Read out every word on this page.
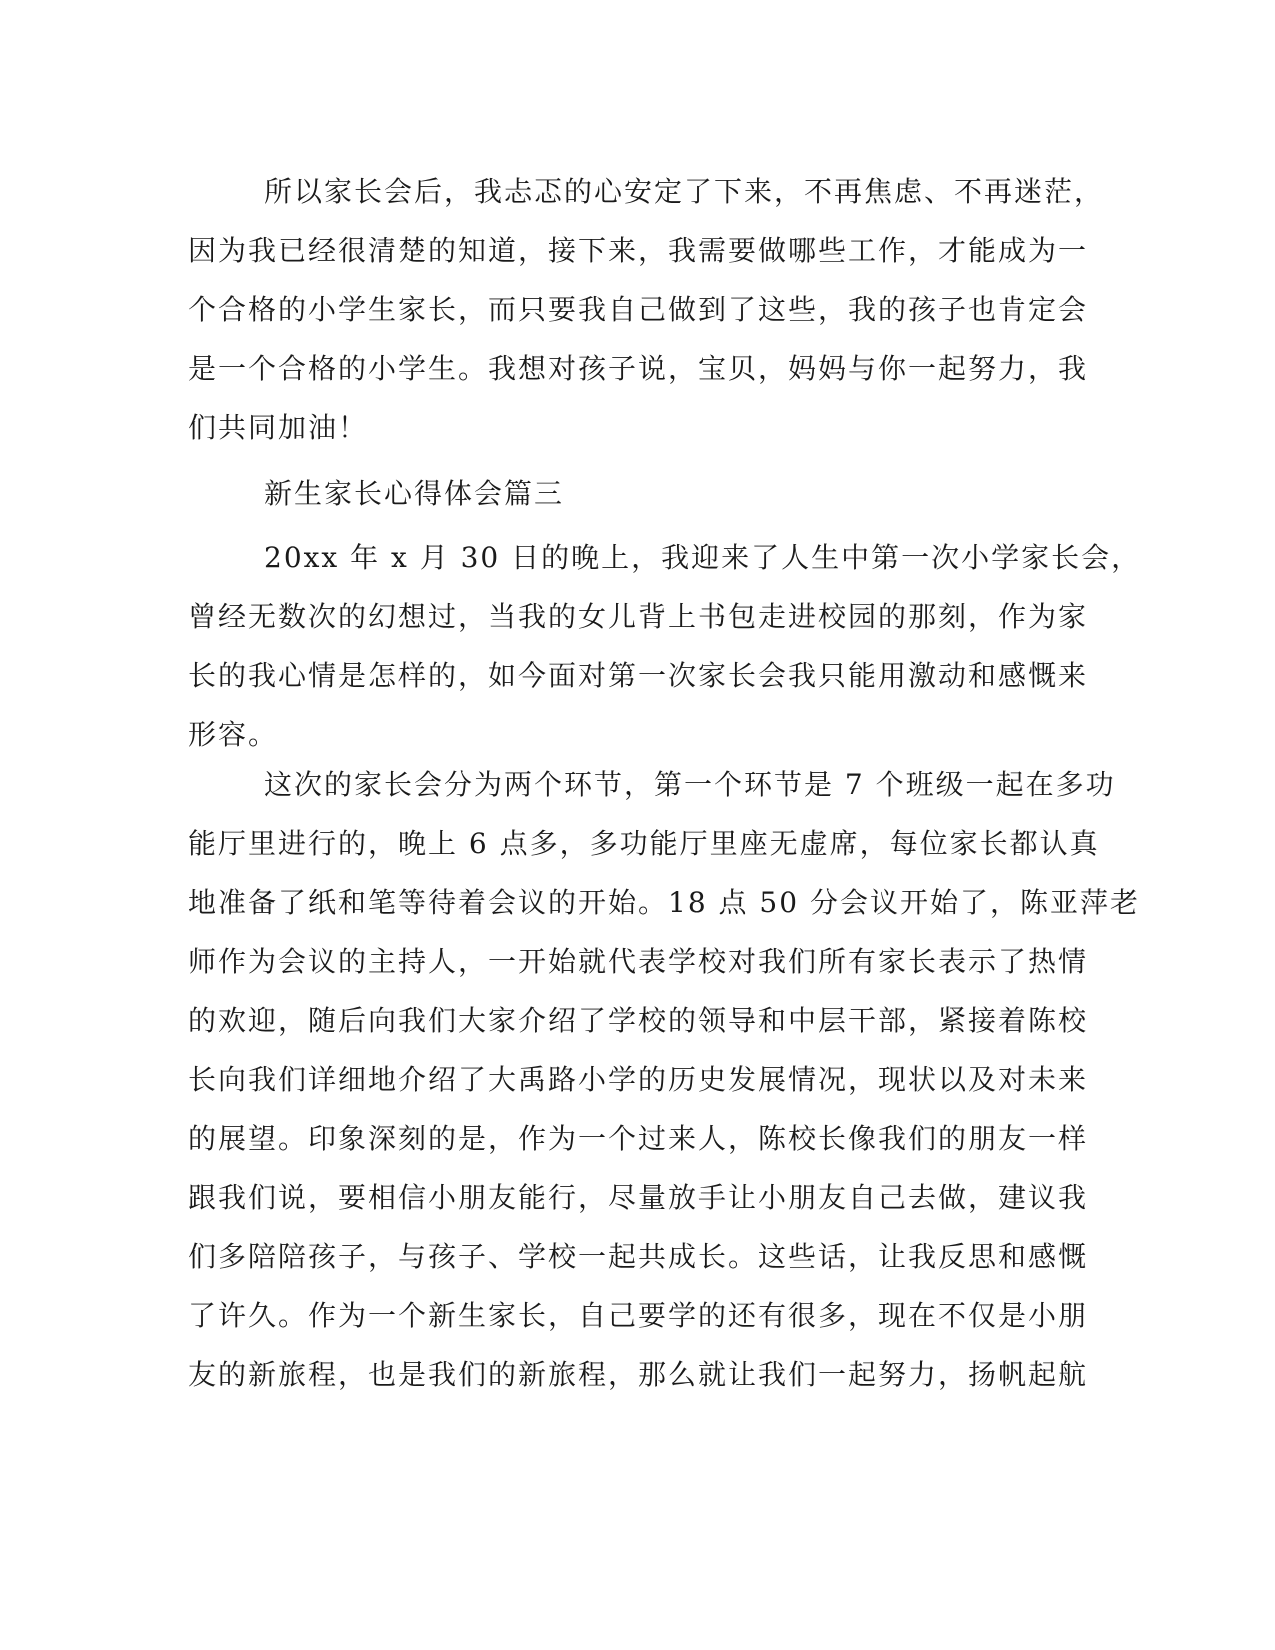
所以家长会后，我忐忑的心安定了下来，不再焦虑、不再迷茫，
因为我已经很清楚的知道，接下来，我需要做哪些工作，才能成为一
个合格的小学生家长，而只要我自己做到了这些，我的孩子也肯定会
是一个合格的小学生。我想对孩子说，宝贝，妈妈与你一起努力，我
们共同加油！
新生家长心得体会篇三
20xx 年 x 月 30 日的晚上，我迎来了人生中第一次小学家长会，
曾经无数次的幻想过，当我的女儿背上书包走进校园的那刻，作为家
长的我心情是怎样的，如今面对第一次家长会我只能用激动和感慨来
形容。
这次的家长会分为两个环节，第一个环节是 7 个班级一起在多功
能厅里进行的，晚上 6 点多，多功能厅里座无虚席，每位家长都认真
地准备了纸和笔等待着会议的开始。18 点 50 分会议开始了，陈亚萍老
师作为会议的主持人，一开始就代表学校对我们所有家长表示了热情
的欢迎，随后向我们大家介绍了学校的领导和中层干部，紧接着陈校
长向我们详细地介绍了大禹路小学的历史发展情况，现状以及对未来
的展望。印象深刻的是，作为一个过来人，陈校长像我们的朋友一样
跟我们说，要相信小朋友能行，尽量放手让小朋友自己去做，建议我
们多陪陪孩子，与孩子、学校一起共成长。这些话，让我反思和感慨
了许久。作为一个新生家长，自己要学的还有很多，现在不仅是小朋
友的新旅程，也是我们的新旅程，那么就让我们一起努力，扬帆起航
